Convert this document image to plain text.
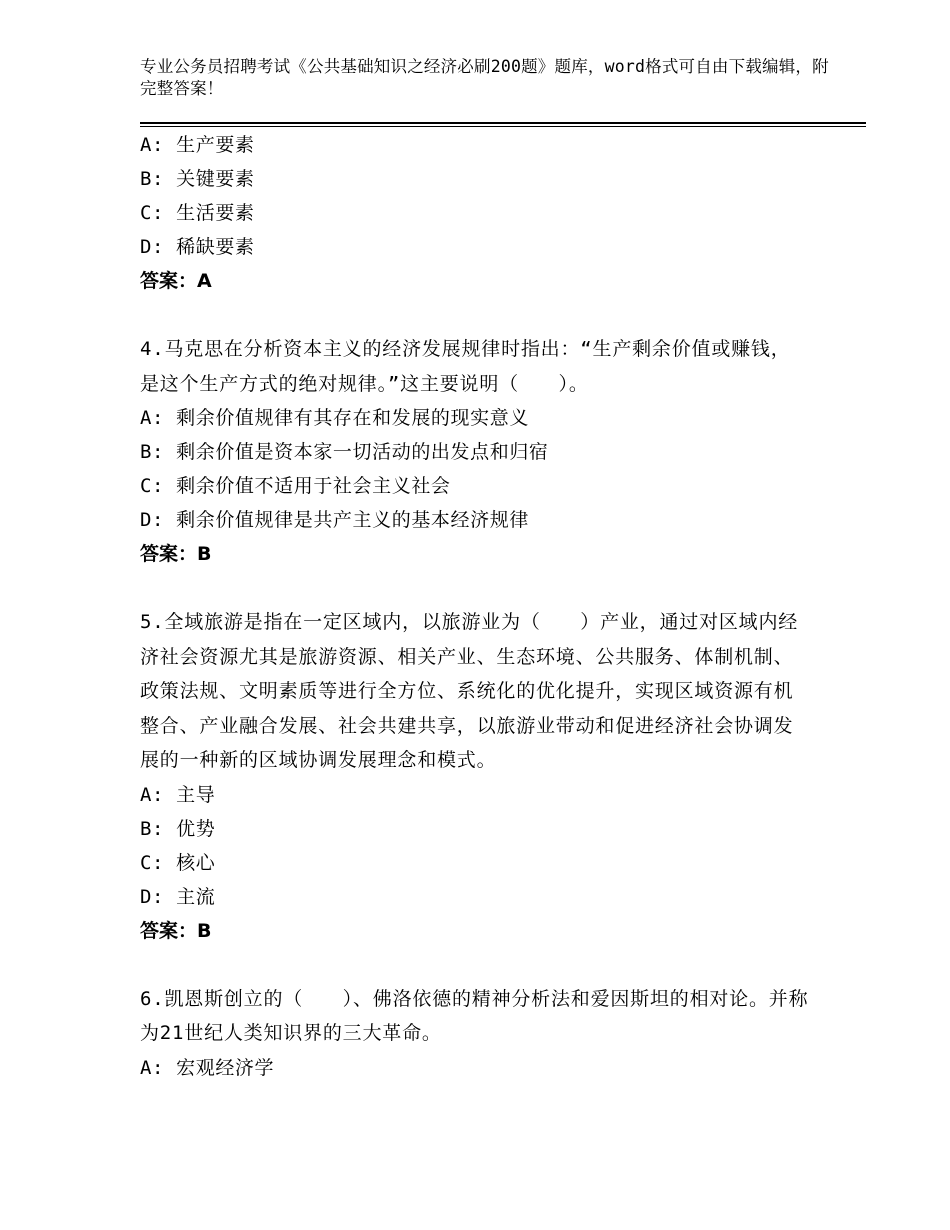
专业公务员招聘考试《公共基础知识之经济必刷200题》题库，word格式可自由下载编辑，附完整答案！
A: 生产要素
B: 关键要素
C: 生活要素
D: 稀缺要素
答案：A
4.马克思在分析资本主义的经济发展规律时指出：“生产剩余价值或赚钱，是这个生产方式的绝对规律。”这主要说明（　　）。
A: 剩余价值规律有其存在和发展的现实意义
B: 剩余价值是资本家一切活动的出发点和归宿
C: 剩余价值不适用于社会主义社会
D: 剩余价值规律是共产主义的基本经济规律
答案：B
5.全域旅游是指在一定区域内，以旅游业为（　　）产业，通过对区域内经济社会资源尤其是旅游资源、相关产业、生态环境、公共服务、体制机制、政策法规、文明素质等进行全方位、系统化的优化提升，实现区域资源有机整合、产业融合发展、社会共建共享，以旅游业带动和促进经济社会协调发展的一种新的区域协调发展理念和模式。
A: 主导
B: 优势
C: 核心
D: 主流
答案：B
6.凯恩斯创立的（　　）、佛洛依德的精神分析法和爱因斯坦的相对论。并称为21世纪人类知识界的三大革命。
A: 宏观经济学
